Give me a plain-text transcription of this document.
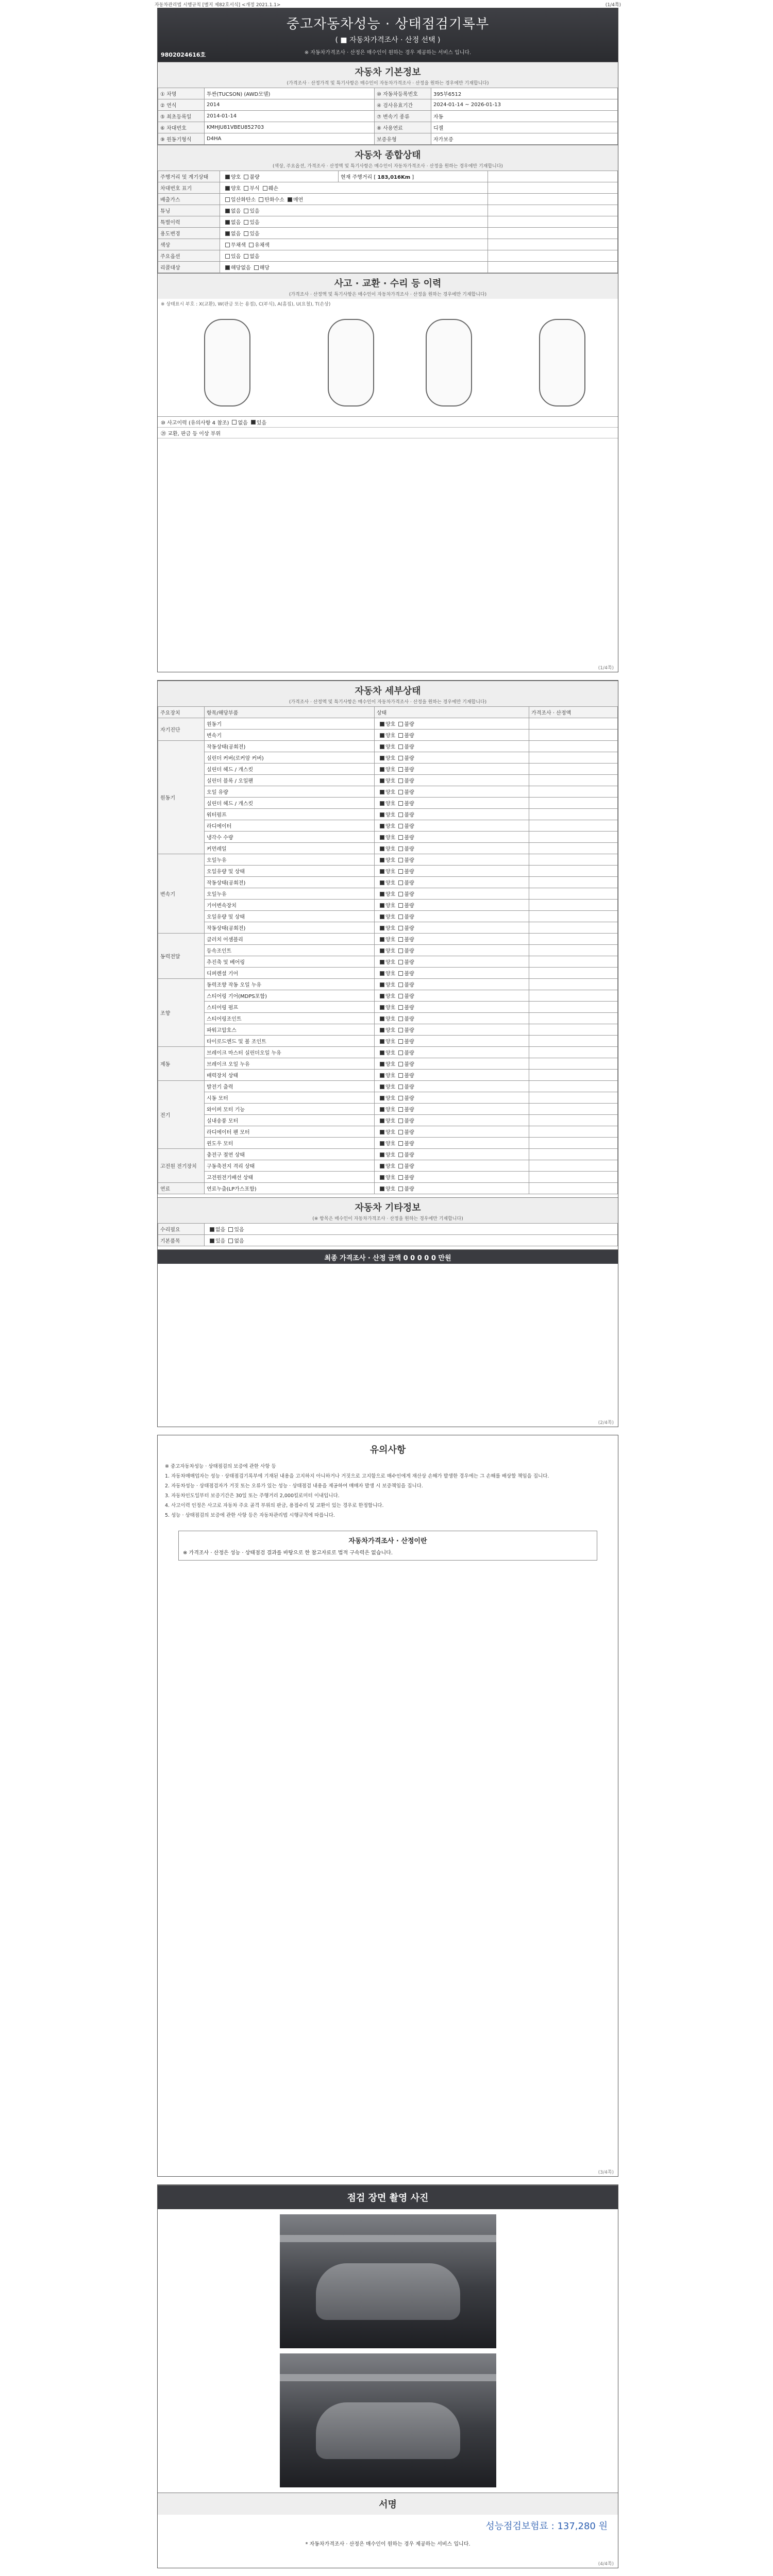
자동차관리법 시행규칙 [별지 제82호서식] <개정 2021.1.1>	(1/4쪽)
중고자동차성능 · 상태점검기록부
( ■ 자동차가격조사 · 산정 선택 )
※ 자동차가격조사 · 산정은 매수인이 원하는 경우 제공하는 서비스 입니다.
9802024616호
자동차 기본정보
(가격조사 · 산정가격 및 특기사항은 매수인이 자동차가격조사 · 산정을 원하는 경우에만 기재합니다)
① 차명	투싼(TUCSON) (AWD모델)	⑩ 자동차등록번호	395부6512
② 연식	2014	④ 검사유효기간	2024-01-14 ~ 2026-01-13
⑤ 최초등록일	2014-01-14	⑦ 변속기 종류	자동
⑥ 차대번호	KMHJU81VBEU852703	⑧ 사용연료	디젤
⑨ 원동기형식	D4HA	보증유형	자가보증
자동차 종합상태
(색상, 주요옵션, 가격조사 · 산정액 및 특기사항은 매수인이 자동차가격조사 · 산정을 원하는 경우에만 기재합니다)
주행거리 및 계기상태	양호 불량	현재 주행거리 [ 183,016Km ]	
차대번호 표기	양호 부식 훼손		
배출가스	일산화탄소 탄화수소 매연		
튜닝	없음 있음		
특별이력	없음 있음		
용도변경	없음 있음		
색상	무채색 유채색		
주요옵션	있음 없음		
리콜대상	해당없음 해당		
사고 · 교환 · 수리 등 이력
(가격조사 · 산정액 및 특기사항은 매수인이 자동차가격조사 · 산정을 원하는 경우에만 기재합니다)
※ 상태표시 부호 : X(교환), W(판금 또는 용접), C(부식), A(흠집), U(요철), T(손상)
⑩ 사고이력 (유의사항 4 참조) 없음 있음
⑳ 교환, 판금 등 이상 부위
(1/4쪽)
자동차 세부상태
(가격조사 · 산정액 및 특기사항은 매수인이 자동차가격조사 · 산정을 원하는 경우에만 기재합니다)
주요장치	항목/해당부품	상태	가격조사 · 산정액
자기진단	원동기	양호 불량	
	변속기	양호 불량	
원동기	작동상태(공회전)	양호 불량	
	실린더 커버(로커암 커버)	양호 불량	
	실린더 헤드 / 개스킷	양호 불량	
	실린더 블록 / 오일팬	양호 불량	
	오일 유량	양호 불량	
	실린더 헤드 / 개스킷	양호 불량	
	워터펌프	양호 불량	
	라디에이터	양호 불량	
	냉각수 수량	양호 불량	
	커먼레일	양호 불량	
변속기	오일누유	양호 불량	
	오일유량 및 상태	양호 불량	
	작동상태(공회전)	양호 불량	
	오일누유	양호 불량	
	기어변속장치	양호 불량	
	오일유량 및 상태	양호 불량	
	작동상태(공회전)	양호 불량	
동력전달	클러치 어셈블리	양호 불량	
	등속조인트	양호 불량	
	추진축 및 베어링	양호 불량	
	디퍼렌셜 기어	양호 불량	
조향	동력조향 작동 오일 누유	양호 불량	
	스티어링 기어(MDPS포함)	양호 불량	
	스티어링 펌프	양호 불량	
	스티어링조인트	양호 불량	
	파워고압호스	양호 불량	
	타이로드엔드 및 볼 조인트	양호 불량	
제동	브레이크 마스터 실린더오일 누유	양호 불량	
	브레이크 오일 누유	양호 불량	
	배력장치 상태	양호 불량	
전기	발전기 출력	양호 불량	
	시동 모터	양호 불량	
	와이퍼 모터 기능	양호 불량	
	실내송풍 모터	양호 불량	
	라디에이터 팬 모터	양호 불량	
	윈도우 모터	양호 불량	
고전원 전기장치	충전구 절연 상태	양호 불량	
	구동축전지 격리 상태	양호 불량	
	고전원전기배선 상태	양호 불량	
연료	연료누출(LP가스포함)	양호 불량	
자동차 기타정보
(※ 항목은 매수인이 자동차가격조사 · 산정을 원하는 경우에만 기재합니다)
수리필요	없음 있음
기본품목	있음 없음
최종 가격조사 · 산정 금액 0 0 0 0 0 만원
(2/4쪽)
유의사항

※ 중고자동차성능 · 상태점검의 보증에 관한 사항 등

1. 자동차매매업자는 성능 · 상태점검기록부에 기재된 내용을 고지하지 아니하거나 거짓으로 고지함으로 매수인에게 재산상 손해가 발생한 경우에는 그 손해를 배상할 책임을 집니다.

2. 자동차성능 · 상태점검자가 거짓 또는 오류가 있는 성능 · 상태점검 내용을 제공하여 매매자 발생 시 보증책임을 집니다.

3. 자동차인도일부터 보증기간은 30일 또는 주행거리 2,000킬로미터 이내입니다.

4. 사고이력 인정은 사고로 자동차 주요 골격 부위의 판금, 용접수리 및 교환이 있는 경우로 한정합니다.

5. 성능 · 상태점검의 보증에 관한 사항 등은 자동차관리법 시행규칙에 따릅니다.

자동차가격조사 · 산정이란
※ 가격조사 · 산정은 성능 · 상태점검 결과를 바탕으로 한 참고자료로 법적 구속력은 없습니다.
(3/4쪽)
점검 장면 촬영 사진
서명
성능점검보험료 : 137,280 원
* 자동차가격조사 · 산정은 매수인이 원하는 경우 제공하는 서비스 입니다.
(4/4쪽)
